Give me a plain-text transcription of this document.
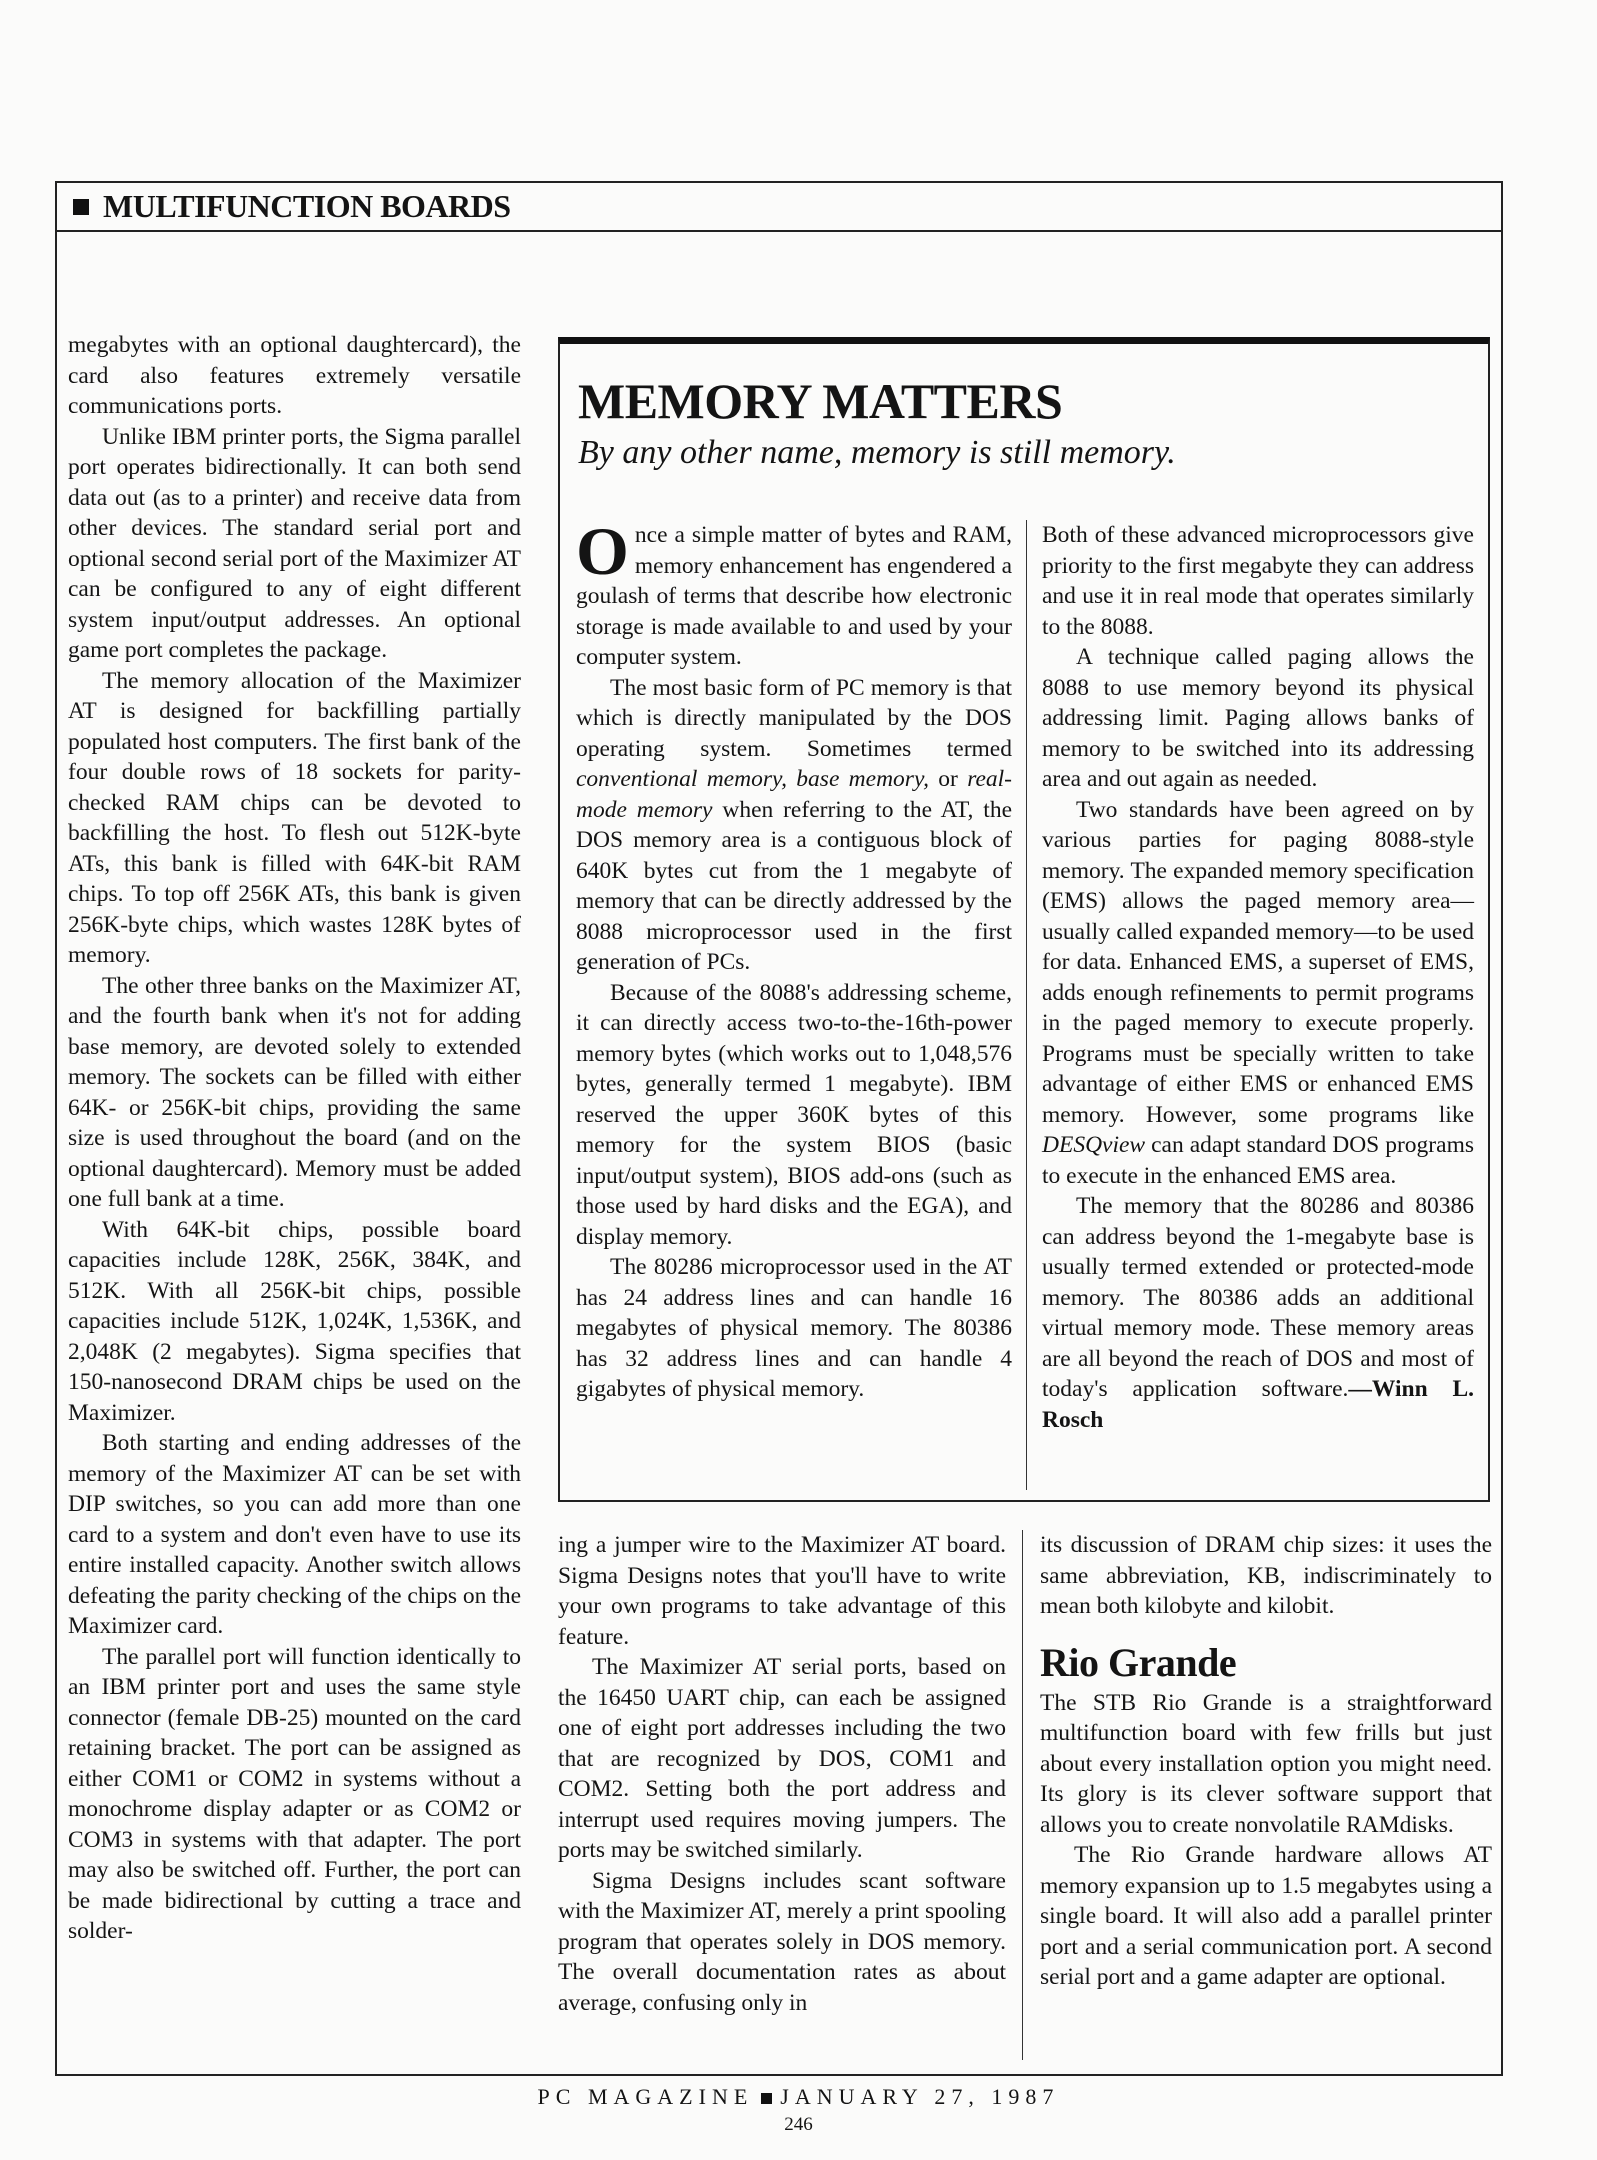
MULTIFUNCTION BOARDS

megabytes with an optional daughtercard), the card also features extremely versatile communications ports.

Unlike IBM printer ports, the Sigma parallel port operates bidirectionally. It can both send data out (as to a printer) and receive data from other devices. The standard serial port and optional second serial port of the Maximizer AT can be configured to any of eight different system input/output addresses. An optional game port completes the package.

The memory allocation of the Maximizer AT is designed for backfilling partially populated host computers. The first bank of the four double rows of 18 sockets for parity-checked RAM chips can be devoted to backfilling the host. To flesh out 512K-byte ATs, this bank is filled with 64K-bit RAM chips. To top off 256K ATs, this bank is given 256K-byte chips, which wastes 128K bytes of memory.

The other three banks on the Maximizer AT, and the fourth bank when it's not for adding base memory, are devoted solely to extended memory. The sockets can be filled with either 64K- or 256K-bit chips, providing the same size is used throughout the board (and on the optional daughtercard). Memory must be added one full bank at a time.

With 64K-bit chips, possible board capacities include 128K, 256K, 384K, and 512K. With all 256K-bit chips, possible capacities include 512K, 1,024K, 1,536K, and 2,048K (2 megabytes). Sigma specifies that 150-nanosecond DRAM chips be used on the Maximizer.

Both starting and ending addresses of the memory of the Maximizer AT can be set with DIP switches, so you can add more than one card to a system and don't even have to use its entire installed capacity. Another switch allows defeating the parity checking of the chips on the Maximizer card.

The parallel port will function identically to an IBM printer port and uses the same style connector (female DB-25) mounted on the card retaining bracket. The port can be assigned as either COM1 or COM2 in systems without a monochrome display adapter or as COM2 or COM3 in systems with that adapter. The port may also be switched off. Further, the port can be made bidirectional by cutting a trace and solder-

MEMORY MATTERS
By any other name, memory is still memory.

Once a simple matter of bytes and RAM, memory enhancement has engendered a goulash of terms that describe how electronic storage is made available to and used by your computer system.

The most basic form of PC memory is that which is directly manipulated by the DOS operating system. Sometimes termed conventional memory, base memory, or real-mode memory when referring to the AT, the DOS memory area is a contiguous block of 640K bytes cut from the 1 megabyte of memory that can be directly addressed by the 8088 microprocessor used in the first generation of PCs.

Because of the 8088's addressing scheme, it can directly access two-to-the-16th-power memory bytes (which works out to 1,048,576 bytes, generally termed 1 megabyte). IBM reserved the upper 360K bytes of this memory for the system BIOS (basic input/output system), BIOS add-ons (such as those used by hard disks and the EGA), and display memory.

The 80286 microprocessor used in the AT has 24 address lines and can handle 16 megabytes of physical memory. The 80386 has 32 address lines and can handle 4 gigabytes of physical memory.

Both of these advanced microprocessors give priority to the first megabyte they can address and use it in real mode that operates similarly to the 8088.

A technique called paging allows the 8088 to use memory beyond its physical addressing limit. Paging allows banks of memory to be switched into its addressing area and out again as needed.

Two standards have been agreed on by various parties for paging 8088-style memory. The expanded memory specification (EMS) allows the paged memory area—usually called expanded memory—to be used for data. Enhanced EMS, a superset of EMS, adds enough refinements to permit programs in the paged memory to execute properly. Programs must be specially written to take advantage of either EMS or enhanced EMS memory. However, some programs like DESQview can adapt standard DOS programs to execute in the enhanced EMS area.

The memory that the 80286 and 80386 can address beyond the 1-megabyte base is usually termed extended or protected-mode memory. The 80386 adds an additional virtual memory mode. These memory areas are all beyond the reach of DOS and most of today's application software.—Winn L. Rosch

ing a jumper wire to the Maximizer AT board. Sigma Designs notes that you'll have to write your own programs to take advantage of this feature.

The Maximizer AT serial ports, based on the 16450 UART chip, can each be assigned one of eight port addresses including the two that are recognized by DOS, COM1 and COM2. Setting both the port address and interrupt used requires moving jumpers. The ports may be switched similarly.

Sigma Designs includes scant software with the Maximizer AT, merely a print spooling program that operates solely in DOS memory. The overall documentation rates as about average, confusing only in

its discussion of DRAM chip sizes: it uses the same abbreviation, KB, indiscriminately to mean both kilobyte and kilobit.

Rio Grande

The STB Rio Grande is a straightforward multifunction board with few frills but just about every installation option you might need. Its glory is its clever software support that allows you to create nonvolatile RAMdisks.

The Rio Grande hardware allows AT memory expansion up to 1.5 megabytes using a single board. It will also add a parallel printer port and a serial communication port. A second serial port and a game adapter are optional.

PC MAGAZINE JANUARY 27, 1987
246
